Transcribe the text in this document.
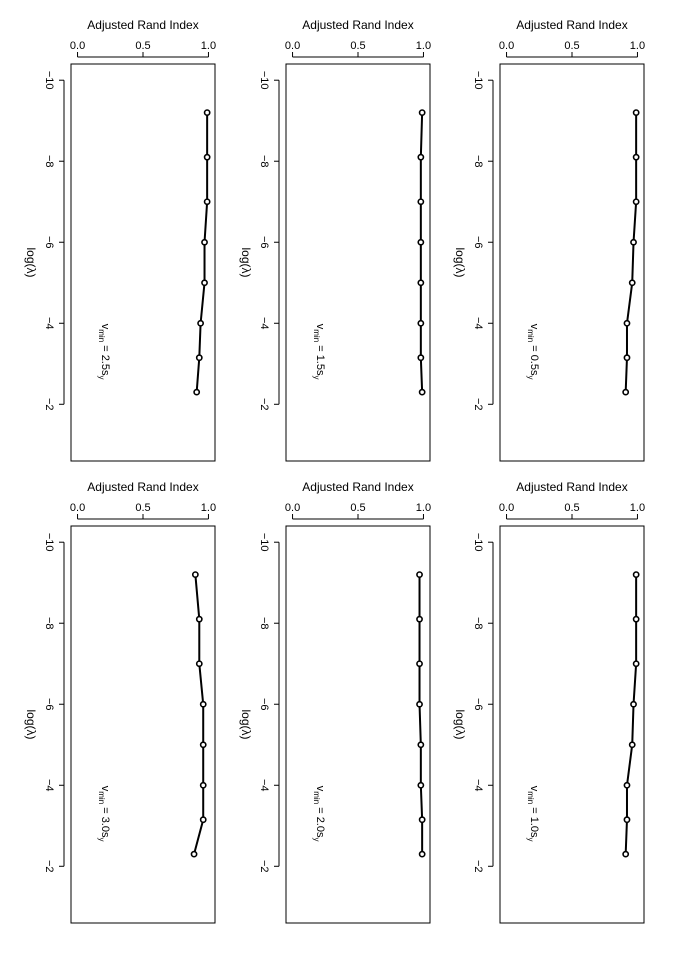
0.0	0.5	1.0
Adjusted Rand Index
−10
−8
−6
−4
−2
log(λ)
$v_{min} = 2.5s_y$
0.0	0.5	1.0
Adjusted Rand Index
−10
−8
−6
−4
−2
log(λ)
$v_{min} = 1.5s_y$
0.0	0.5	1.0
Adjusted Rand Index
−10
−8
−6
−4
−2
log(λ)
$v_{min} = 0.5s_y$
0.0	0.5	1.0
Adjusted Rand Index
−10
−8
−6
−4
−2
log(λ)
$v_{min} = 3.0s_y$
0.0	0.5	1.0
Adjusted Rand Index
−10
−8
−6
−4
−2
log(λ)
$v_{min} = 2.0s_y$
0.0	0.5	1.0
Adjusted Rand Index
−10
−8
−6
−4
−2
log(λ)
$v_{min} = 1.0s_y$
